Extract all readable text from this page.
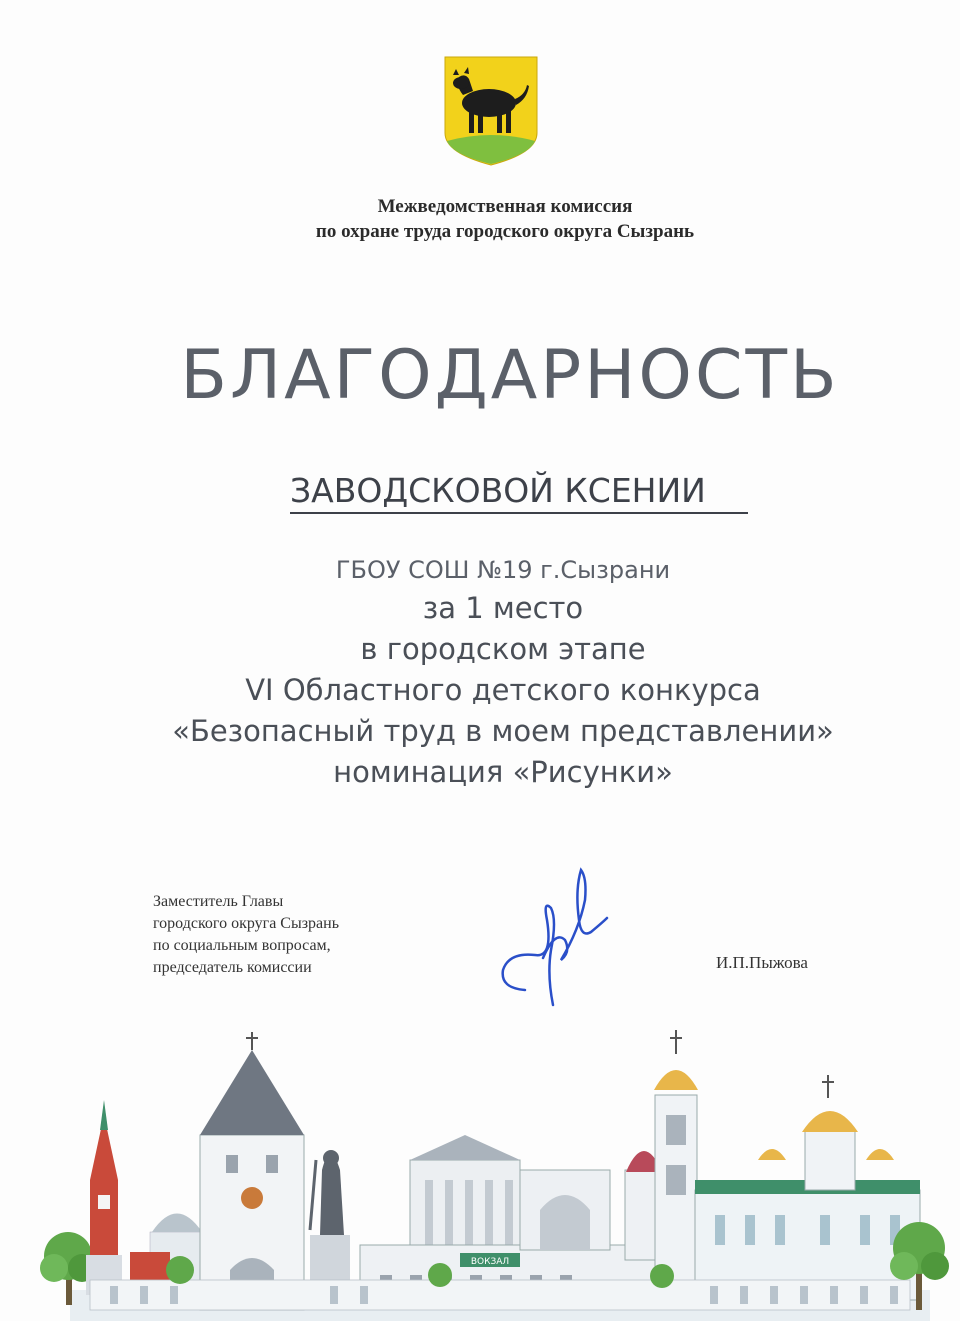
Межведомственная комиссия
по охране труда городского округа Сызрань
БЛАГОДАРНОСТЬ
ЗАВОДСКОВОЙ КСЕНИИ
ГБОУ СОШ №19 г.Сызрани
за 1 место
в городском этапе
VI Областного детского конкурса
«Безопасный труд в моем представлении»
номинация «Рисунки»
Заместитель Главы
городского округа Сызрань
по социальным вопросам,
председатель комиссии	И.П.Пыжова
ВОКЗАЛ
